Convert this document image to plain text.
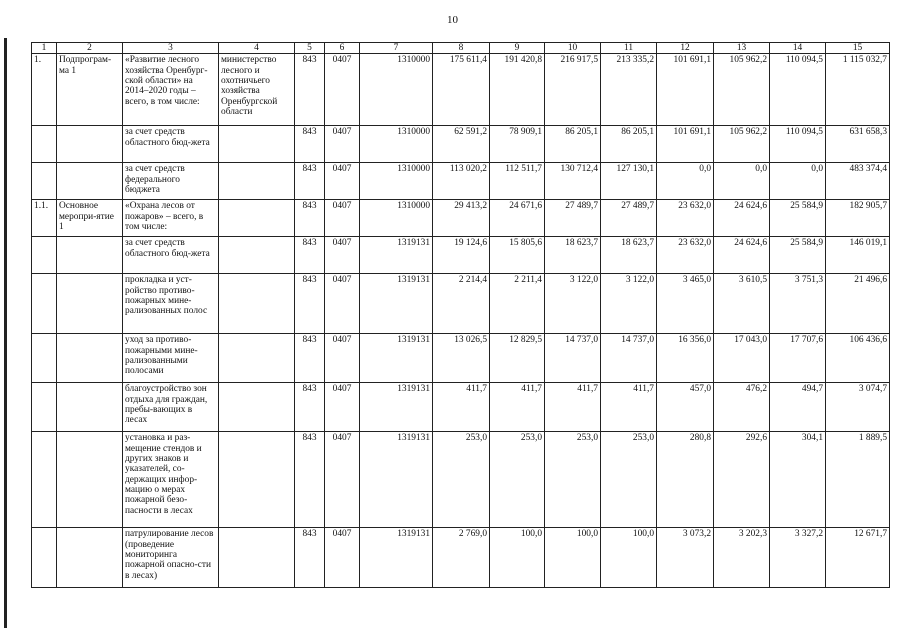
10
1	2	3	4	5	6	7	8	9	10	11	12	13	14	15
1.	Подпрограм-ма 1	«Развитие лесного хозяйства Оренбург-ской области» на 2014–2020 годы – всего, в том числе:	министерство лесного и охотничьего хозяйства Оренбургской области	843	0407	1310000	175 611,4	191 420,8	216 917,5	213 335,2	101 691,1	105 962,2	110 094,5	1 115 032,7
		за счет средств областного бюд-жета		843	0407	1310000	62 591,2	78 909,1	86 205,1	86 205,1	101 691,1	105 962,2	110 094,5	631 658,3
		за счет средств федерального бюджета		843	0407	1310000	113 020,2	112 511,7	130 712,4	127 130,1	0,0	0,0	0,0	483 374,4
1.1.	Основное меропри-ятие 1	«Охрана лесов от пожаров» – всего, в том числе:		843	0407	1310000	29 413,2	24 671,6	27 489,7	27 489,7	23 632,0	24 624,6	25 584,9	182 905,7
		за счет средств областного бюд-жета		843	0407	1319131	19 124,6	15 805,6	18 623,7	18 623,7	23 632,0	24 624,6	25 584,9	146 019,1
		прокладка и уст-ройство противо-пожарных мине-рализованных полос		843	0407	1319131	2 214,4	2 211,4	3 122,0	3 122,0	3 465,0	3 610,5	3 751,3	21 496,6
		уход за противо-пожарными мине-рализованными полосами		843	0407	1319131	13 026,5	12 829,5	14 737,0	14 737,0	16 356,0	17 043,0	17 707,6	106 436,6
		благоустройство зон отдыха для граждан, пребы-вающих в лесах		843	0407	1319131	411,7	411,7	411,7	411,7	457,0	476,2	494,7	3 074,7
		установка и раз-мещение стендов и других знаков и указателей, со-держащих инфор-мацию о мерах пожарной безо-пасности в лесах		843	0407	1319131	253,0	253,0	253,0	253,0	280,8	292,6	304,1	1 889,5
		патрулирование лесов (проведение мониторинга пожарной опасно-сти в лесах)		843	0407	1319131	2 769,0	100,0	100,0	100,0	3 073,2	3 202,3	3 327,2	12 671,7
